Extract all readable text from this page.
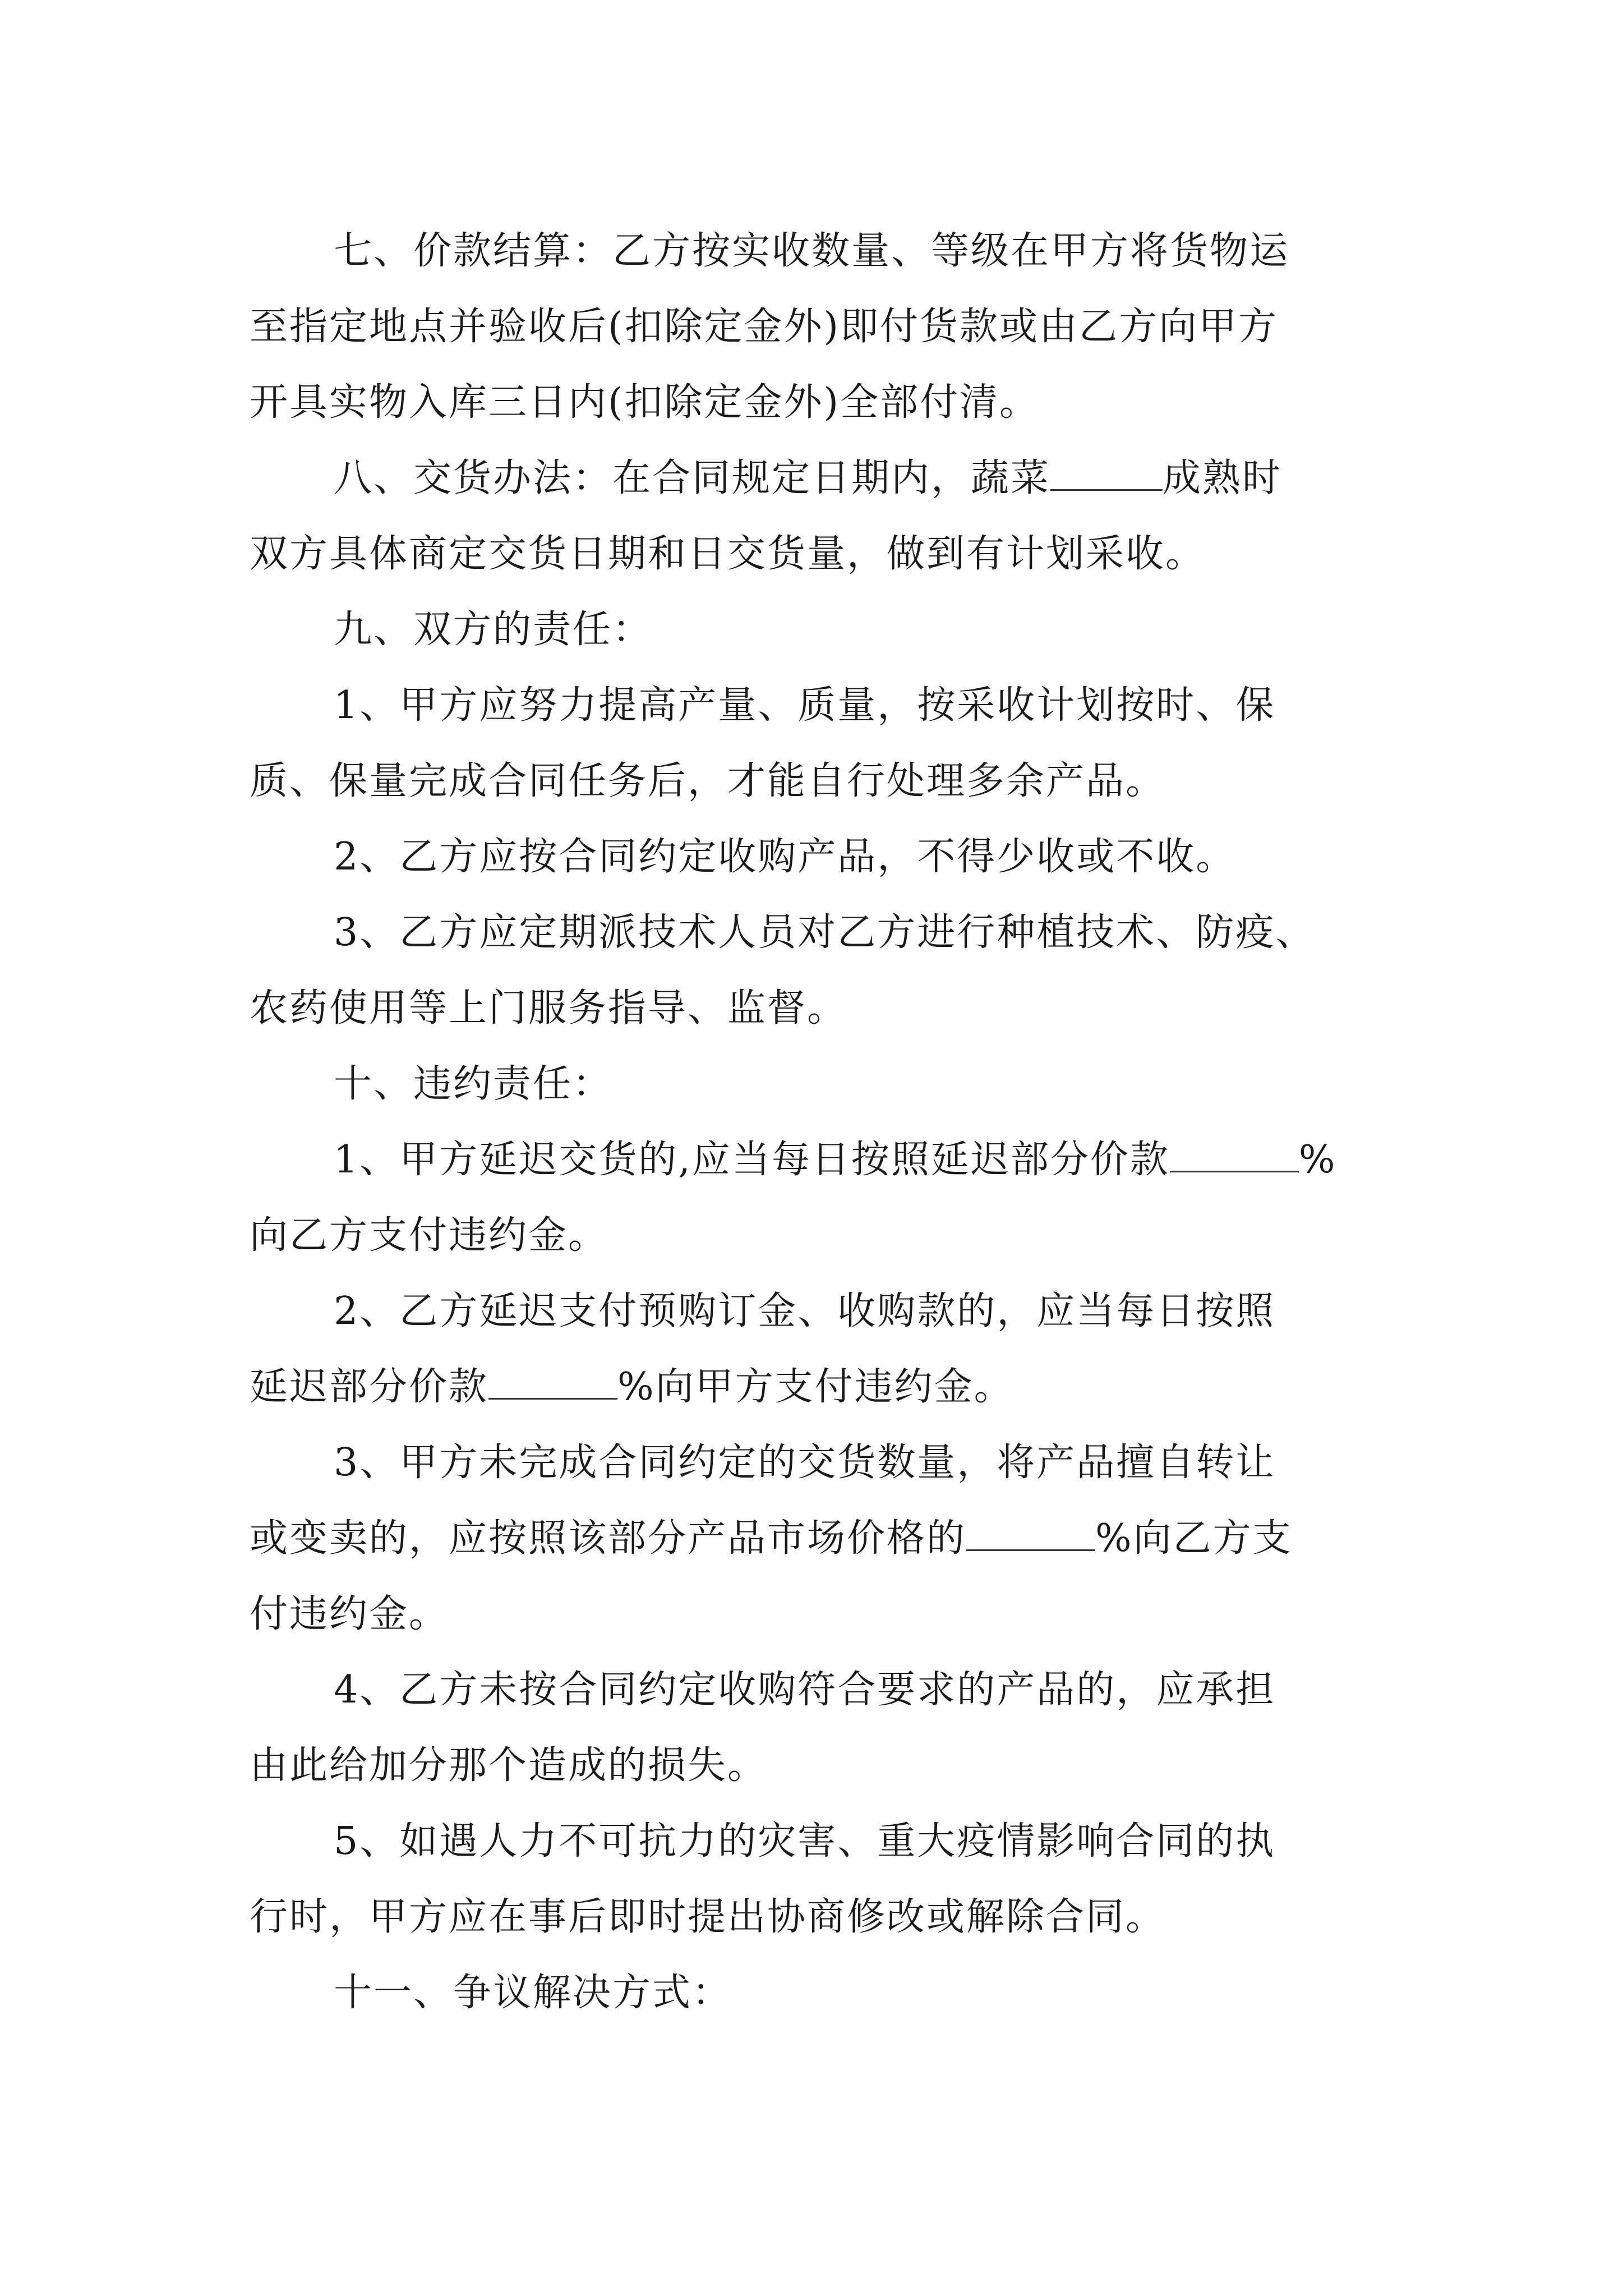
七、价款结算：乙方按实收数量、等级在甲方将货物运
至指定地点并验收后(扣除定金外)即付货款或由乙方向甲方
开具实物入库三日内(扣除定金外)全部付清。
八、交货办法：在合同规定日期内，蔬菜	成熟时
双方具体商定交货日期和日交货量，做到有计划采收。
九、双方的责任：
1、甲方应努力提高产量、质量，按采收计划按时、保
质、保量完成合同任务后，才能自行处理多余产品。
2、乙方应按合同约定收购产品，不得少收或不收。
3、乙方应定期派技术人员对乙方进行种植技术、防疫、
农药使用等上门服务指导、监督。
十、违约责任：
1、甲方延迟交货的,应当每日按照延迟部分价款	%
向乙方支付违约金。
2、乙方延迟支付预购订金、收购款的，应当每日按照
延迟部分价款	%向甲方支付违约金。
3、甲方未完成合同约定的交货数量，将产品擅自转让
或变卖的，应按照该部分产品市场价格的	%向乙方支
付违约金。
4、乙方未按合同约定收购符合要求的产品的，应承担
由此给加分那个造成的损失。
5、如遇人力不可抗力的灾害、重大疫情影响合同的执
行时，甲方应在事后即时提出协商修改或解除合同。
十一、争议解决方式：
